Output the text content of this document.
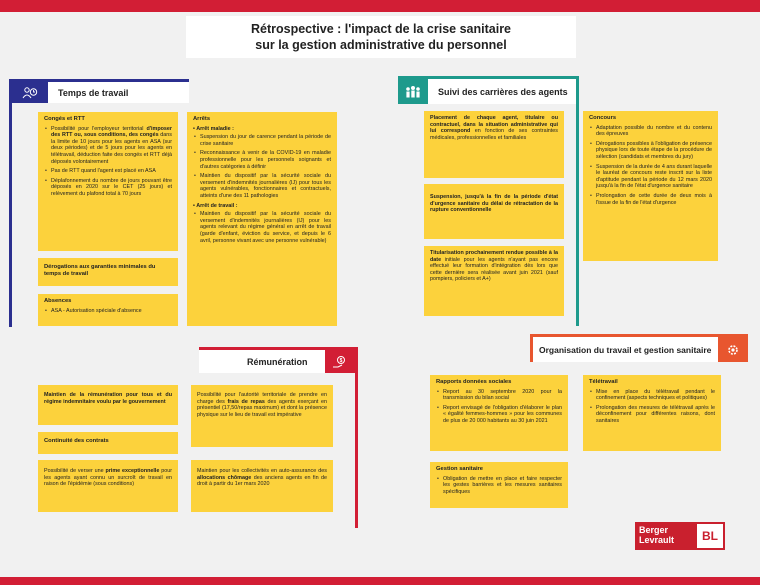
Rétrospective : l'impact de la crise sanitaire
sur la gestion administrative du personnel
Temps de travail
Congés et RTT
• Possibilité pour l'employeur territorial d'imposer des RTT ou, sous conditions, des congés dans la limite de 10 jours pour les agents en ASA (sur deux périodes) et de 5 jours pour les agents en télétravail, déduction faite des congés et RTT déjà déposés volontairement
• Pas de RTT quand l'agent est placé en ASA
• Déplafonnement du nombre de jours pouvant être déposés en 2020 sur le CET (25 jours) et relèvement du plafond total à 70 jours
Dérogations aux garanties minimales du temps de travail
Absences
• ASA - Autorisation spéciale d'absence
Arrêts
• Arrêt maladie :
• Suspension du jour de carence pendant la période de crise sanitaire
• Reconnaissance à venir de la COVID-19 en maladie professionnelle pour les personnels soignants et d'autres catégories à définir
• Maintien du dispositif par la sécurité sociale du versement d'indemnités journalières (IJ) pour tous les agents vulnérables, fonctionnaires et contractuels, atteints d'une des 11 pathologies
• Arrêt de travail :
• Maintien du dispositif par la sécurité sociale du versement d'indemnités journalières (IJ) pour les agents relevant du régime général en arrêt de travail (garde d'enfant, éviction du service, et depuis le 6 avril, personne vivant avec une personne vulnérable)
Suivi des carrières des agents
Placement de chaque agent, titulaire ou contractuel, dans la situation administrative qui lui correspond en fonction de ses contraintes médicales, professionnelles et familiales
Suspension, jusqu'à la fin de la période d'état d'urgence sanitaire du délai de rétractation de la rupture conventionnelle
Titularisation prochainement rendue possible à la date initiale pour les agents n'ayant pas encore effectué leur formation d'intégration dès lors que cette dernière sera réalisée avant juin 2021 (sauf pompiers, policiers et A+)
Concours
• Adaptation possible du nombre et du contenu des épreuves
• Dérogations possibles à l'obligation de présence physique lors de toute étape de la procédure de sélection (candidats et membres du jury)
• Suspension de la durée de 4 ans durant laquelle le lauréat de concours reste inscrit sur la liste d'aptitude pendant la période du 12 mars 2020 jusqu'à la fin de l'état d'urgence sanitaire
• Prolongation de cette durée de deux mois à l'issue de la fin de l'état d'urgence
Rémunération	$
Maintien de la rémunération pour tous et du régime indemnitaire voulu par le gouvernement
Continuité des contrats
Possibilité de verser une prime exceptionnelle pour les agents ayant connu un surcroît de travail en raison de l'épidémie (sous conditions)
Possibilité pour l'autorité territoriale de prendre en charge des frais de repas des agents exerçant en présentiel (17,50/repas maximum) et dont la présence physique sur le lieu de travail est impérative
Maintien pour les collectivités en auto-assurance des allocations chômage des anciens agents en fin de droit à partir du 1er mars 2020
Organisation du travail et gestion sanitaire
Rapports données sociales
• Report au 30 septembre 2020 pour la transmission du bilan social
• Report envisagé de l'obligation d'élaborer le plan « égalité femmes-hommes » pour les communes de plus de 20 000 habitants au 30 juin 2021
Télétravail
• Mise en place du télétravail pendant le confinement (aspects techniques et politiques)
• Prolongation des mesures de télétravail après le déconfinement pour différentes raisons, dont sanitaires
Gestion sanitaire
• Obligation de mettre en place et faire respecter les gestes barrières et les mesures sanitaires spécifiques
Berger
Levrault	BL
